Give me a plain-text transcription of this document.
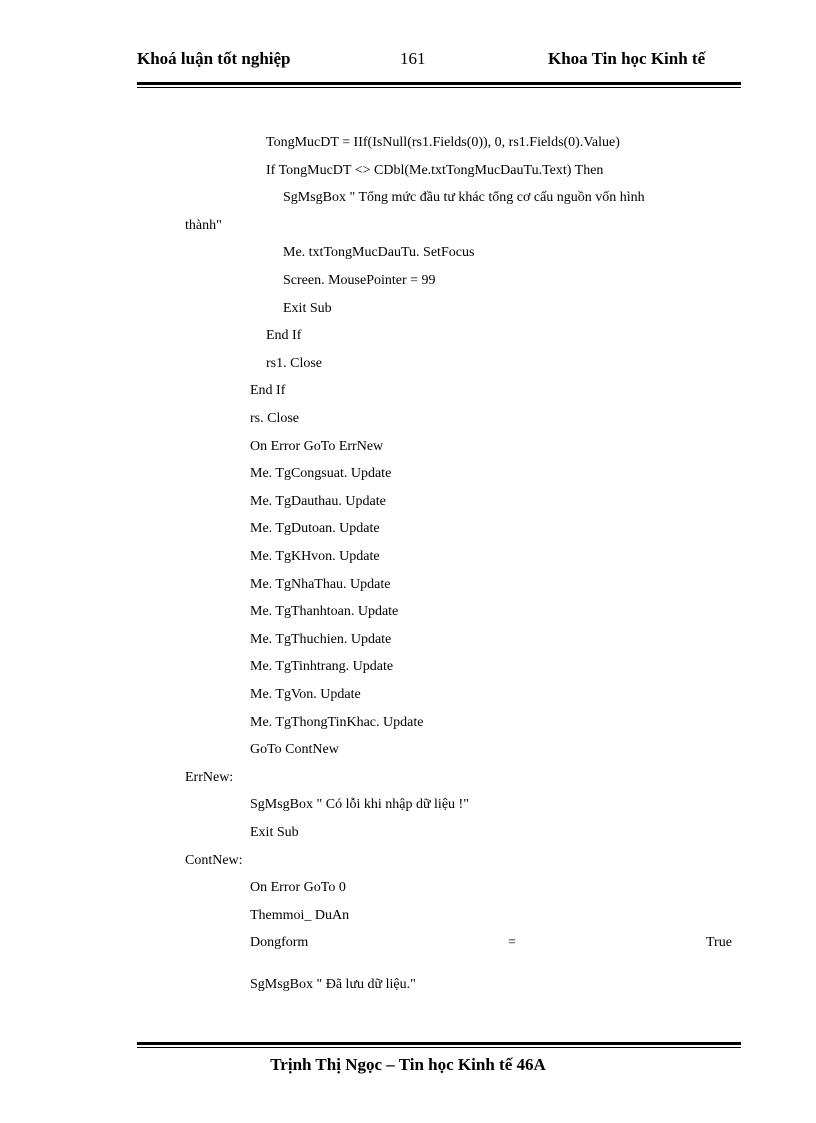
Khoá luận tốt nghiệp	161	Khoa Tin học Kinh tế
TongMucDT = IIf(IsNull(rs1.Fields(0)), 0, rs1.Fields(0).Value)
If TongMucDT <> CDbl(Me.txtTongMucDauTu.Text) Then
SgMsgBox " Tổng mức đầu tư khác tổng cơ cấu nguồn vốn hình
thành"
Me. txtTongMucDauTu. SetFocus
Screen. MousePointer = 99
Exit Sub
End If
rs1. Close
End If
rs. Close
On Error GoTo ErrNew
Me. TgCongsuat. Update
Me. TgDauthau. Update
Me. TgDutoan. Update
Me. TgKHvon. Update
Me. TgNhaThau. Update
Me. TgThanhtoan. Update
Me. TgThuchien. Update
Me. TgTinhtrang. Update
Me. TgVon. Update
Me. TgThongTinKhac. Update
GoTo ContNew
ErrNew:
SgMsgBox " Có lỗi khi nhập dữ liệu !"
Exit Sub
ContNew:
On Error GoTo 0
Themmoi_ DuAn
Dongform	=	True
SgMsgBox " Đã lưu dữ liệu."
Trịnh Thị Ngọc – Tin học Kinh tế 46A
